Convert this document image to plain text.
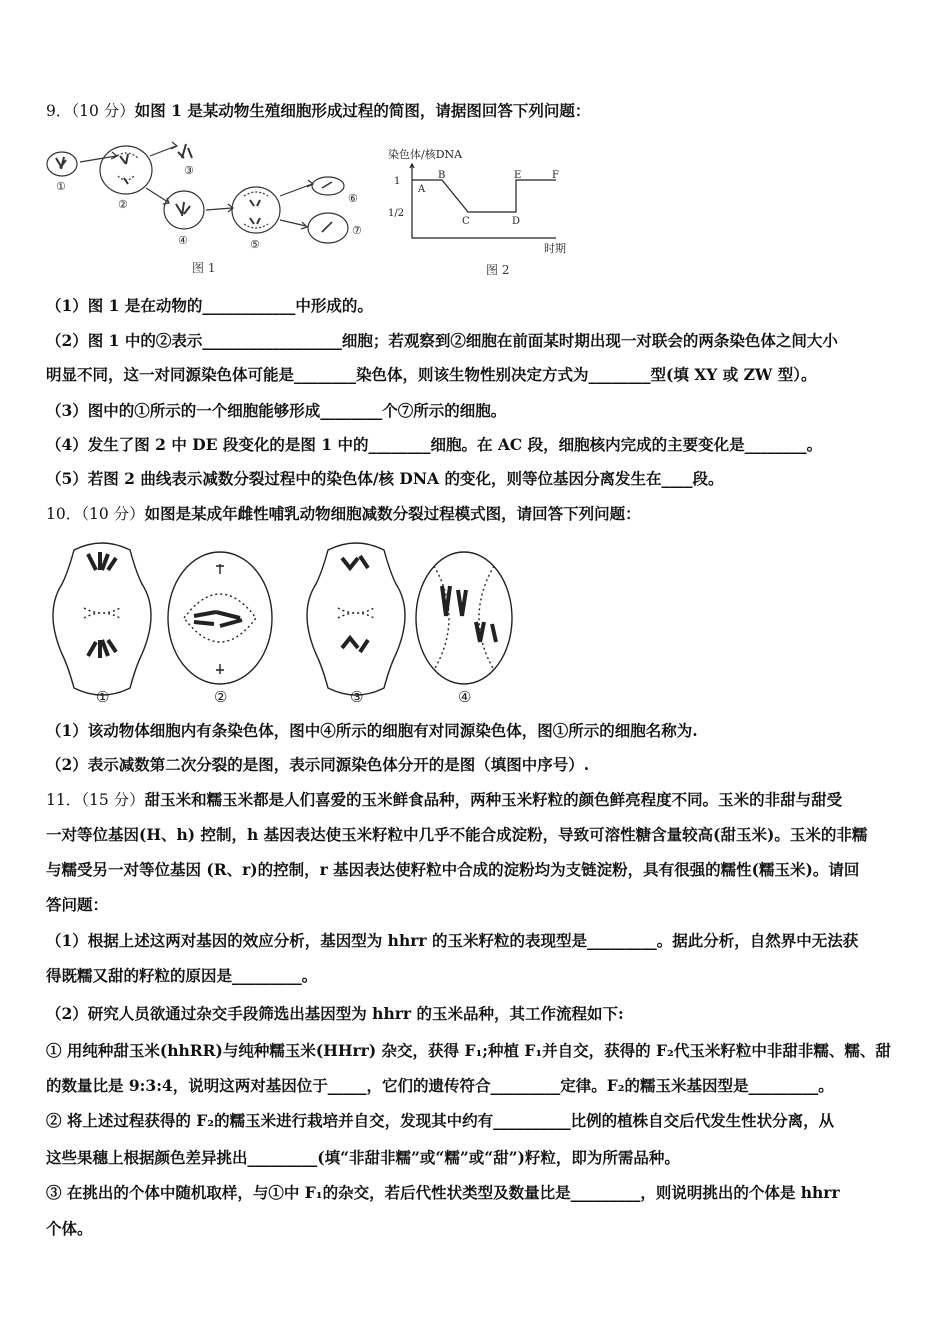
9．（10 分）如图 1 是某动物生殖细胞形成过程的简图，请据图回答下列问题：
①
②
③
④	⑤
⑥
⑦
图 1
染色体/核DNA
时期
1
1/2
A
B
C	D
E	F
图 2
（1）图 1 是在动物的____________中形成的。
（2）图 1 中的②表示__________________细胞；若观察到②细胞在前面某时期出现一对联会的两条染色体之间大小
明显不同，这一对同源染色体可能是________染色体，则该生物性别决定方式为________型(填 XY 或 ZW 型）。
（3）图中的①所示的一个细胞能够形成________个⑦所示的细胞。
（4）发生了图 2 中 DE 段变化的是图 1 中的________细胞。在 AC 段，细胞核内完成的主要变化是________。
（5）若图 2 曲线表示减数分裂过程中的染色体/核 DNA 的变化，则等位基因分离发生在____段。
10．（10 分）如图是某成年雌性哺乳动物细胞减数分裂过程模式图，请回答下列问题：
①	②	③	④
（1）该动物体细胞内有条染色体，图中④所示的细胞有对同源染色体，图①所示的细胞名称为.
（2）表示减数第二次分裂的是图，表示同源染色体分开的是图（填图中序号）.
11．（15 分）甜玉米和糯玉米都是人们喜爱的玉米鲜食品种，两种玉米籽粒的颜色鲜亮程度不同。玉米的非甜与甜受
一对等位基因(H、h) 控制，h 基因表达使玉米籽粒中几乎不能合成淀粉，导致可溶性糖含量较高(甜玉米)。玉米的非糯
与糯受另一对等位基因 (R、r)的控制，r 基因表达使籽粒中合成的淀粉均为支链淀粉，具有很强的糯性(糯玉米)。请回
答问题：
（1）根据上述这两对基因的效应分析，基因型为 hhrr 的玉米籽粒的表现型是_________。据此分析，自然界中无法获
得既糯又甜的籽粒的原因是_________。
（2）研究人员欲通过杂交手段筛选出基因型为 hhrr 的玉米品种，其工作流程如下:
① 用纯种甜玉米(hhRR)与纯种糯玉米(HHrr) 杂交，获得 F₁;种植 F₁并自交，获得的 F₂代玉米籽粒中非甜非糯、糯、甜
的数量比是 9:3:4，说明这两对基因位于_____，它们的遗传符合_________定律。F₂的糯玉米基因型是_________。
② 将上述过程获得的 F₂的糯玉米进行栽培并自交，发现其中约有__________比例的植株自交后代发生性状分离，从
这些果穗上根据颜色差异挑出_________(填“非甜非糯”或“糯”或“甜”)籽粒，即为所需品种。
③ 在挑出的个体中随机取样，与①中 F₁的杂交，若后代性状类型及数量比是_________，则说明挑出的个体是 hhrr
个体。
